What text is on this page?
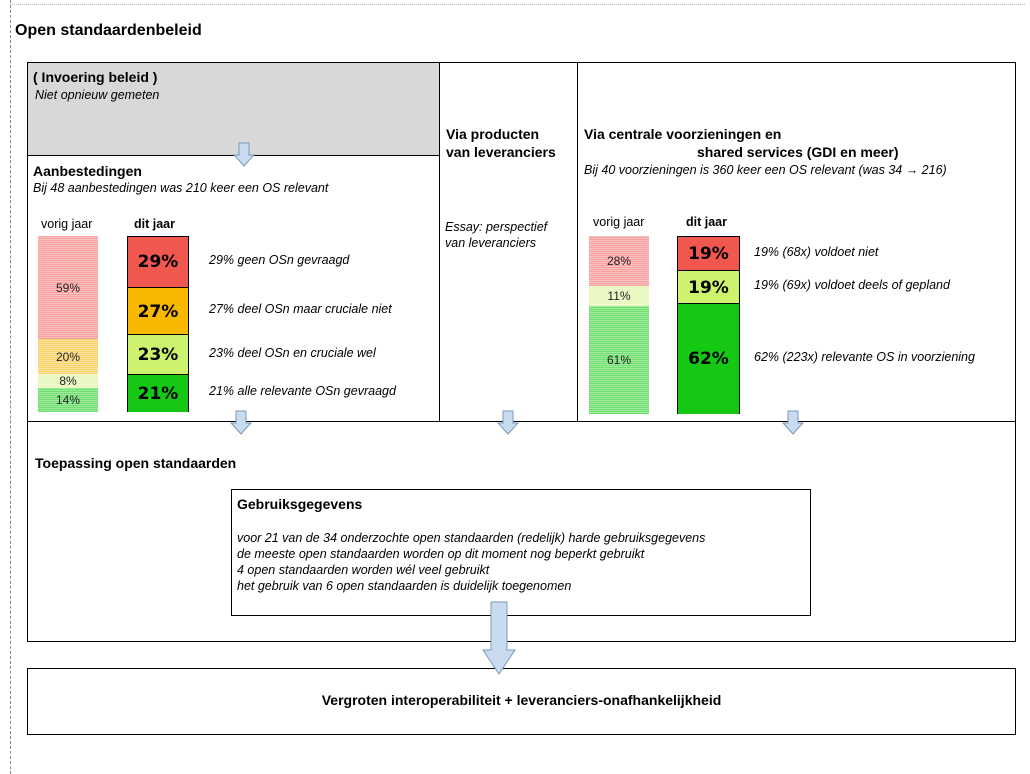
Open standaardenbeleid
( Invoering beleid )
Niet opnieuw gemeten
Aanbestedingen
Bij 48 aanbestedingen was 210 keer een OS relevant
vorig jaar	dit jaar
59%
20%
8%
14%
29%
27%
23%
21%
29% geen OSn gevraagd
27% deel OSn maar cruciale niet
23% deel OSn en cruciale wel
21% alle relevante OSn gevraagd
Via producten
van leveranciers
Essay: perspectief
van leveranciers
Via centrale voorzieningen en
shared services (GDI en meer)
Bij 40 voorzieningen is 360 keer een OS relevant (was 34 → 216)
vorig jaar	dit jaar
28%
11%
61%
19%
19%
62%
19% (68x) voldoet niet
19% (69x) voldoet deels of gepland
62% (223x) relevante OS in voorziening
Toepassing open standaarden
Gebruiksgegevens
voor 21 van de 34 onderzochte open standaarden (redelijk) harde gebruiksgegevens
de meeste open standaarden worden op dit moment nog beperkt gebruikt
4 open standaarden worden wél veel gebruikt
het gebruik van 6 open standaarden is duidelijk toegenomen
Vergroten interoperabiliteit + leveranciers-onafhankelijkheid
